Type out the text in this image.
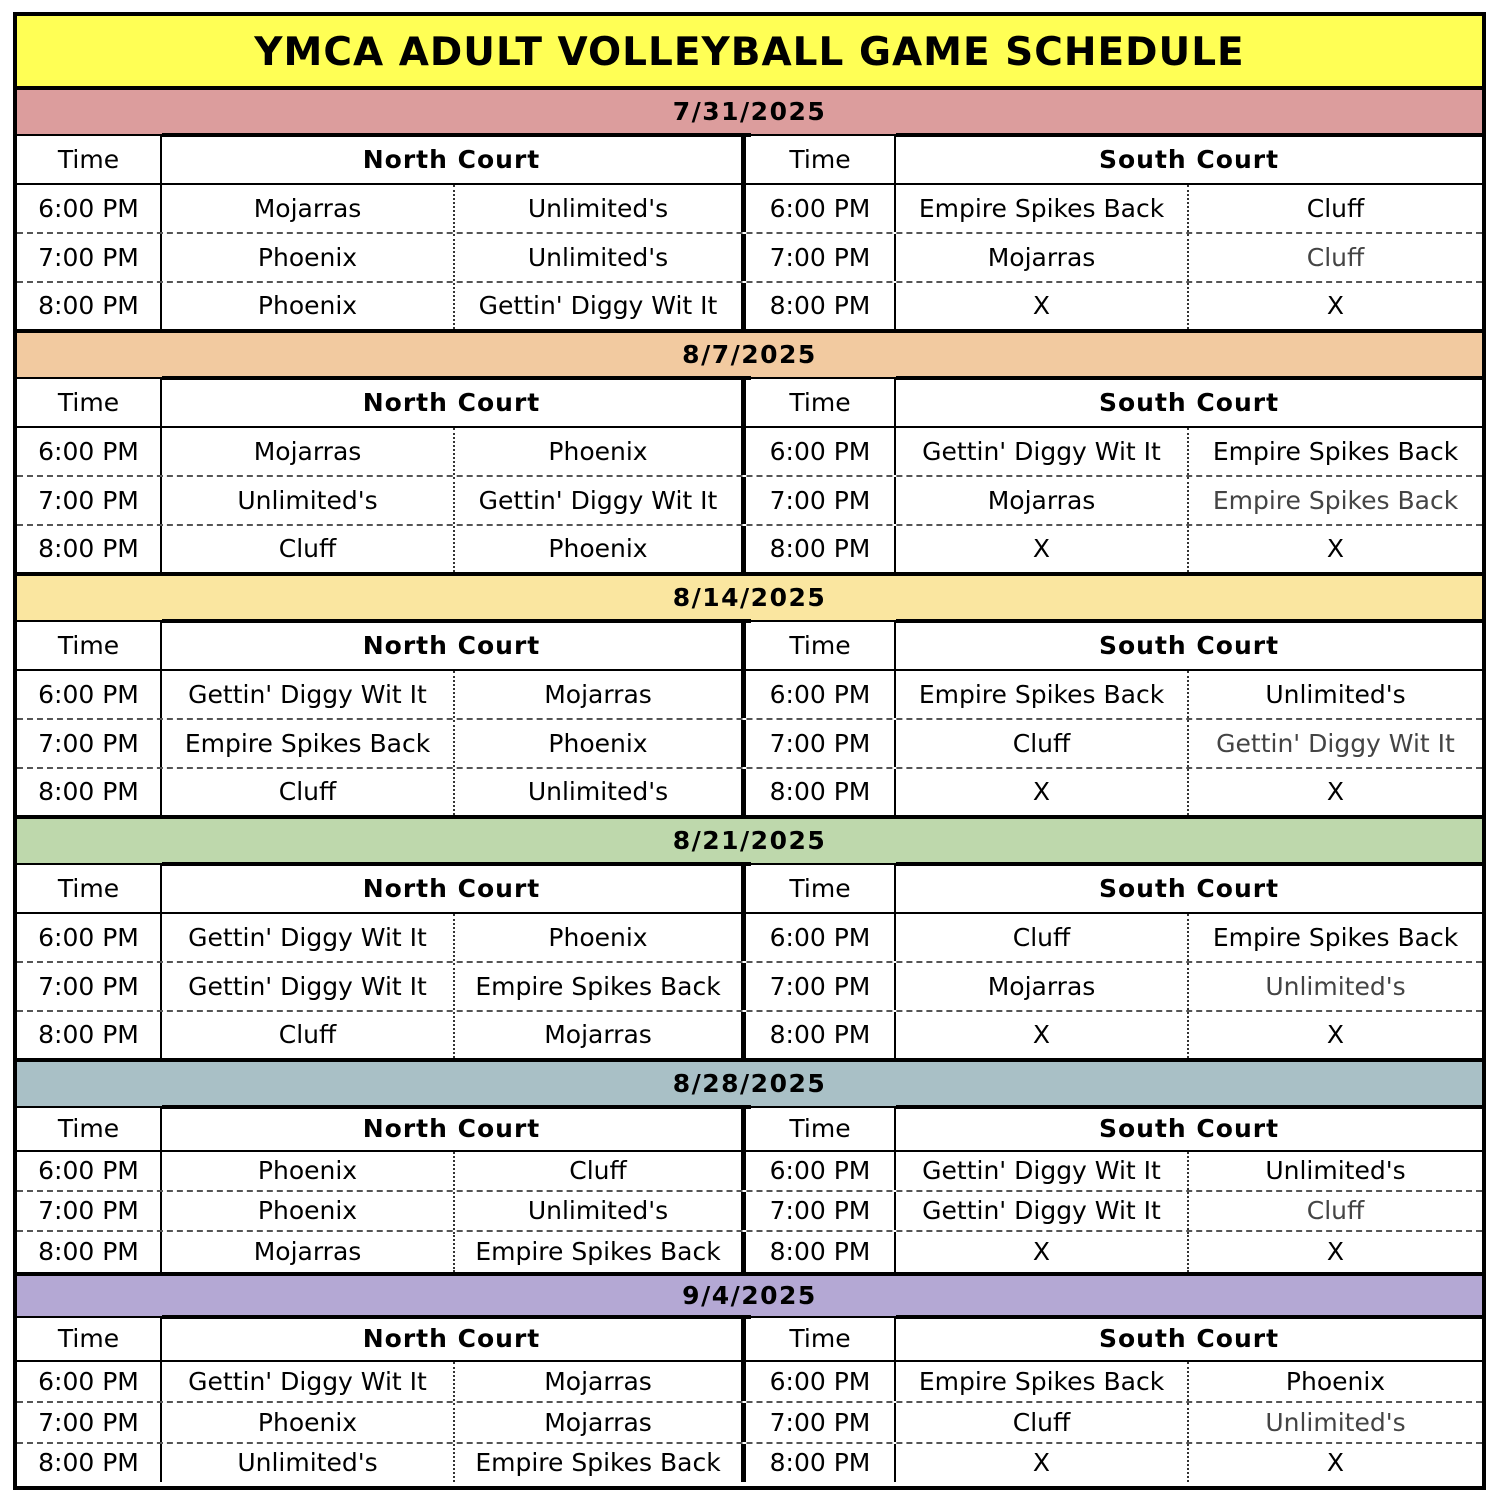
YMCA ADULT VOLLEYBALL GAME SCHEDULE
7/31/2025
Time	North Court	Time	South Court
6:00 PM	Mojarras	Unlimited's	6:00 PM	Empire Spikes Back	Cluff
7:00 PM	Phoenix	Unlimited's	7:00 PM	Mojarras	Cluff
8:00 PM	Phoenix	Gettin' Diggy Wit It	8:00 PM	X	X
8/7/2025
Time	North Court	Time	South Court
6:00 PM	Mojarras	Phoenix	6:00 PM	Gettin' Diggy Wit It	Empire Spikes Back
7:00 PM	Unlimited's	Gettin' Diggy Wit It	7:00 PM	Mojarras	Empire Spikes Back
8:00 PM	Cluff	Phoenix	8:00 PM	X	X
8/14/2025
Time	North Court	Time	South Court
6:00 PM	Gettin' Diggy Wit It	Mojarras	6:00 PM	Empire Spikes Back	Unlimited's
7:00 PM	Empire Spikes Back	Phoenix	7:00 PM	Cluff	Gettin' Diggy Wit It
8:00 PM	Cluff	Unlimited's	8:00 PM	X	X
8/21/2025
Time	North Court	Time	South Court
6:00 PM	Gettin' Diggy Wit It	Phoenix	6:00 PM	Cluff	Empire Spikes Back
7:00 PM	Gettin' Diggy Wit It	Empire Spikes Back	7:00 PM	Mojarras	Unlimited's
8:00 PM	Cluff	Mojarras	8:00 PM	X	X
8/28/2025
Time	North Court	Time	South Court
6:00 PM	Phoenix	Cluff	6:00 PM	Gettin' Diggy Wit It	Unlimited's
7:00 PM	Phoenix	Unlimited's	7:00 PM	Gettin' Diggy Wit It	Cluff
8:00 PM	Mojarras	Empire Spikes Back	8:00 PM	X	X
9/4/2025
Time	North Court	Time	South Court
6:00 PM	Gettin' Diggy Wit It	Mojarras	6:00 PM	Empire Spikes Back	Phoenix
7:00 PM	Phoenix	Mojarras	7:00 PM	Cluff	Unlimited's
8:00 PM	Unlimited's	Empire Spikes Back	8:00 PM	X	X
